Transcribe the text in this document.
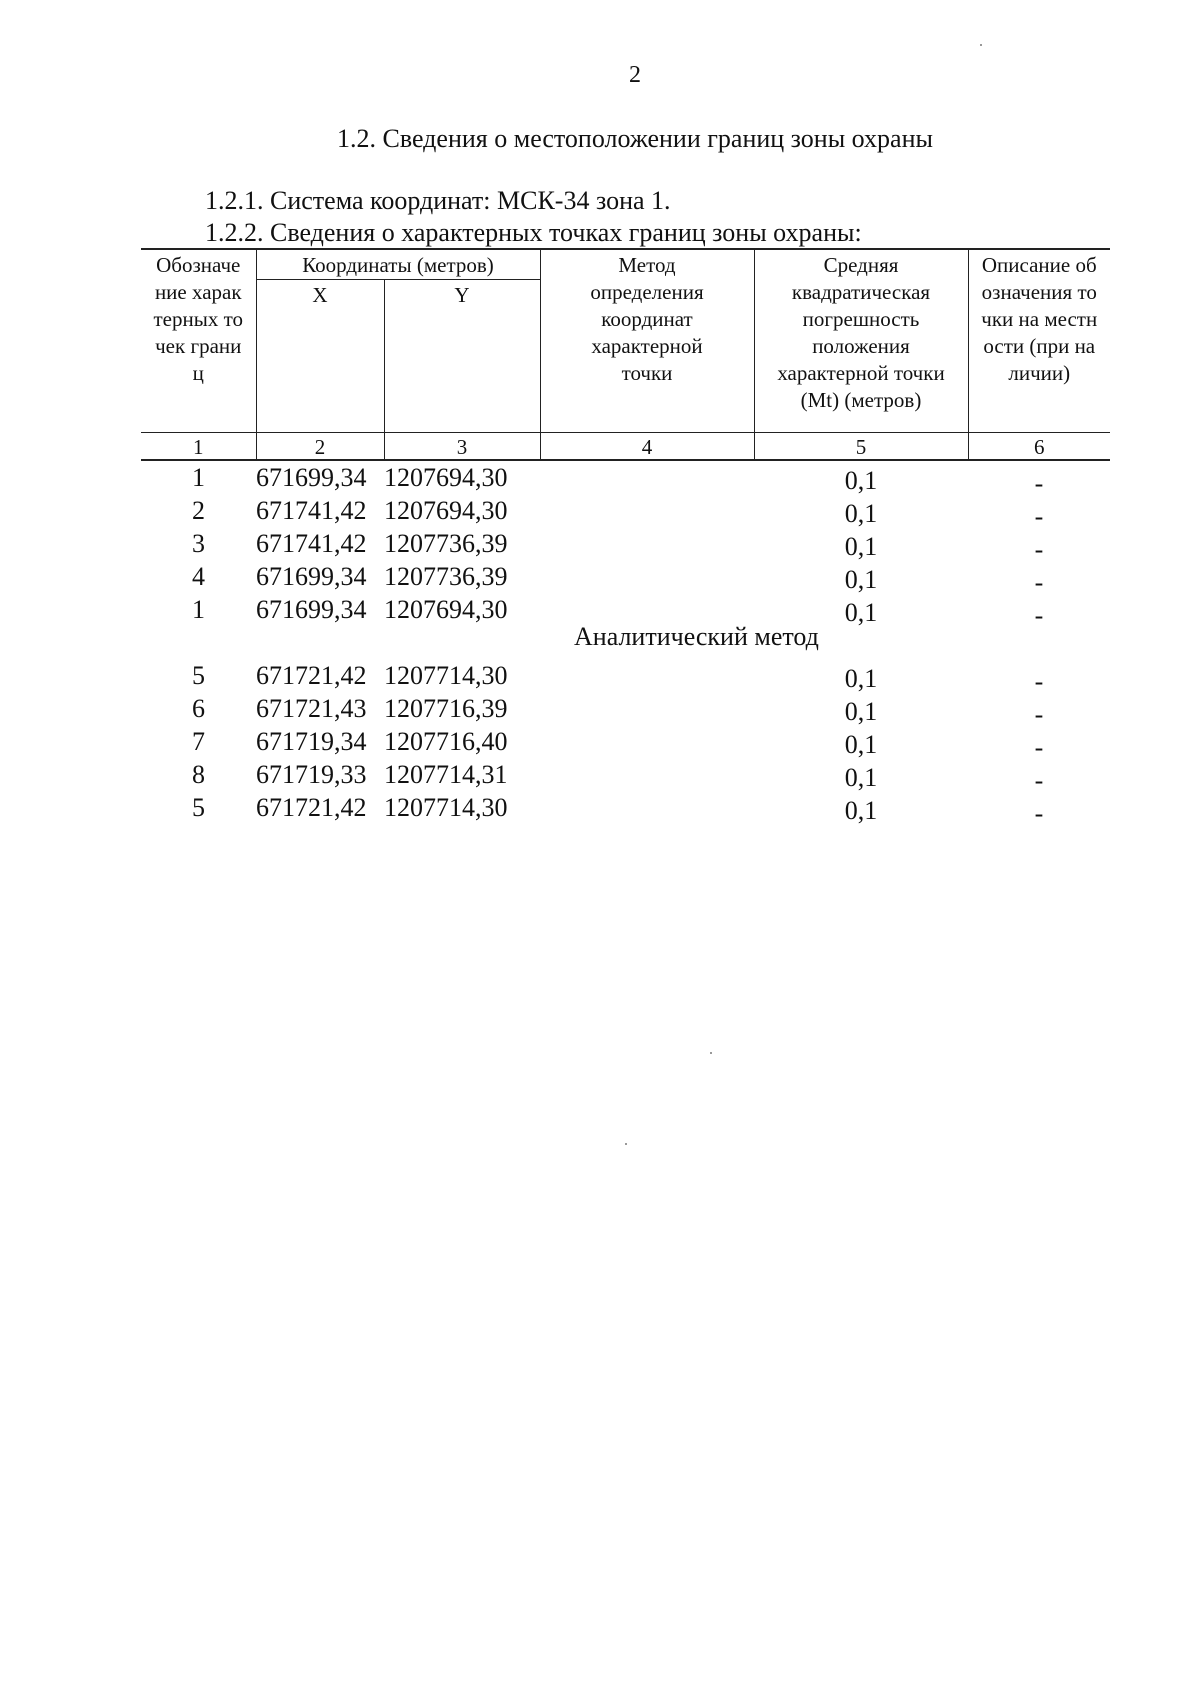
2
1.2. Сведения о местоположении границ зоны охраны
1.2.1. Система координат: МСК-34 зона 1.
1.2.2. Сведения о характерных точках границ зоны охраны:
Обозначение характерных точек границ	Координаты (метров)		Метод определения координат характерной точки	Средняя квадратическая погрешность положения характерной точки (Mt) (метров)	Описание обозначения точки на местности (при наличии)

	X	Y			
1	2	3	4	5	6
1	671699,34	1207694,30	Аналитический метод	0,1	-
2	671741,42	1207694,30		0,1	-
3	671741,42	1207736,39		0,1	-
4	671699,34	1207736,39		0,1	-
1	671699,34	1207694,30		0,1	-

5	671721,42	1207714,30		0,1	-
6	671721,43	1207716,39		0,1	-
7	671719,34	1207716,40		0,1	-
8	671719,33	1207714,31		0,1	-
5	671721,42	1207714,30		0,1	-
